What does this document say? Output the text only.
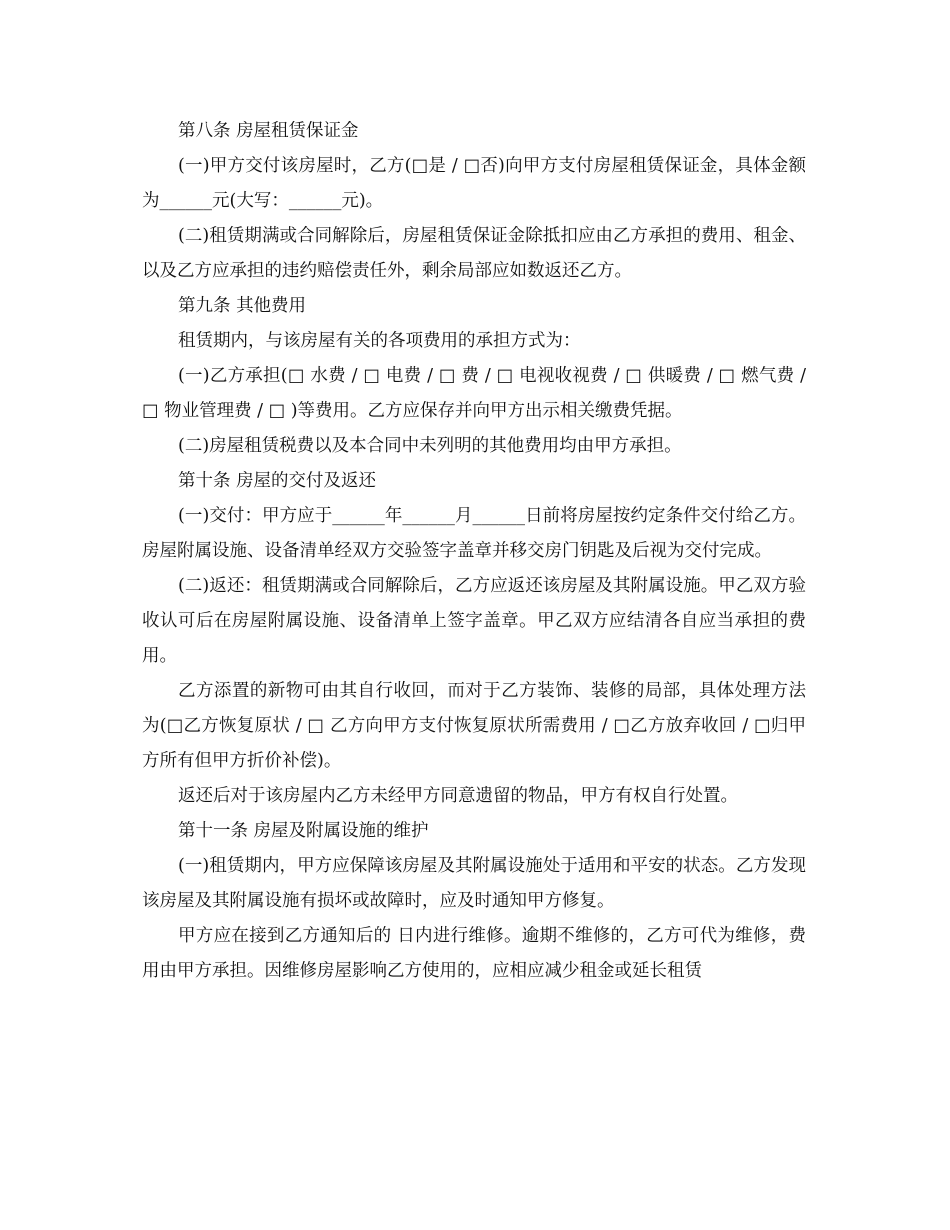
第八条 房屋租赁保证金

(一)甲方交付该房屋时，乙方(□是 / □否)向甲方支付房屋租赁保证金，具体金额为______元(大写：______元)。

(二)租赁期满或合同解除后，房屋租赁保证金除抵扣应由乙方承担的费用、租金、以及乙方应承担的违约赔偿责任外，剩余局部应如数返还乙方。

第九条 其他费用

租赁期内，与该房屋有关的各项费用的承担方式为：

(一)乙方承担(□ 水费 / □ 电费 / □ 费 / □ 电视收视费 / □ 供暖费 / □ 燃气费 / □ 物业管理费 / □ )等费用。乙方应保存并向甲方出示相关缴费凭据。

(二)房屋租赁税费以及本合同中未列明的其他费用均由甲方承担。

第十条 房屋的交付及返还

(一)交付：甲方应于______年______月______日前将房屋按约定条件交付给乙方。房屋附属设施、设备清单经双方交验签字盖章并移交房门钥匙及后视为交付完成。

(二)返还：租赁期满或合同解除后，乙方应返还该房屋及其附属设施。甲乙双方验收认可后在房屋附属设施、设备清单上签字盖章。甲乙双方应结清各自应当承担的费用。

乙方添置的新物可由其自行收回，而对于乙方装饰、装修的局部，具体处理方法为(□乙方恢复原状 / □ 乙方向甲方支付恢复原状所需费用 / □乙方放弃收回 / □归甲方所有但甲方折价补偿)。

返还后对于该房屋内乙方未经甲方同意遗留的物品，甲方有权自行处置。

第十一条 房屋及附属设施的维护

(一)租赁期内，甲方应保障该房屋及其附属设施处于适用和平安的状态。乙方发现该房屋及其附属设施有损坏或故障时，应及时通知甲方修复。

甲方应在接到乙方通知后的 日内进行维修。逾期不维修的，乙方可代为维修，费用由甲方承担。因维修房屋影响乙方使用的，应相应减少租金或延长租赁
